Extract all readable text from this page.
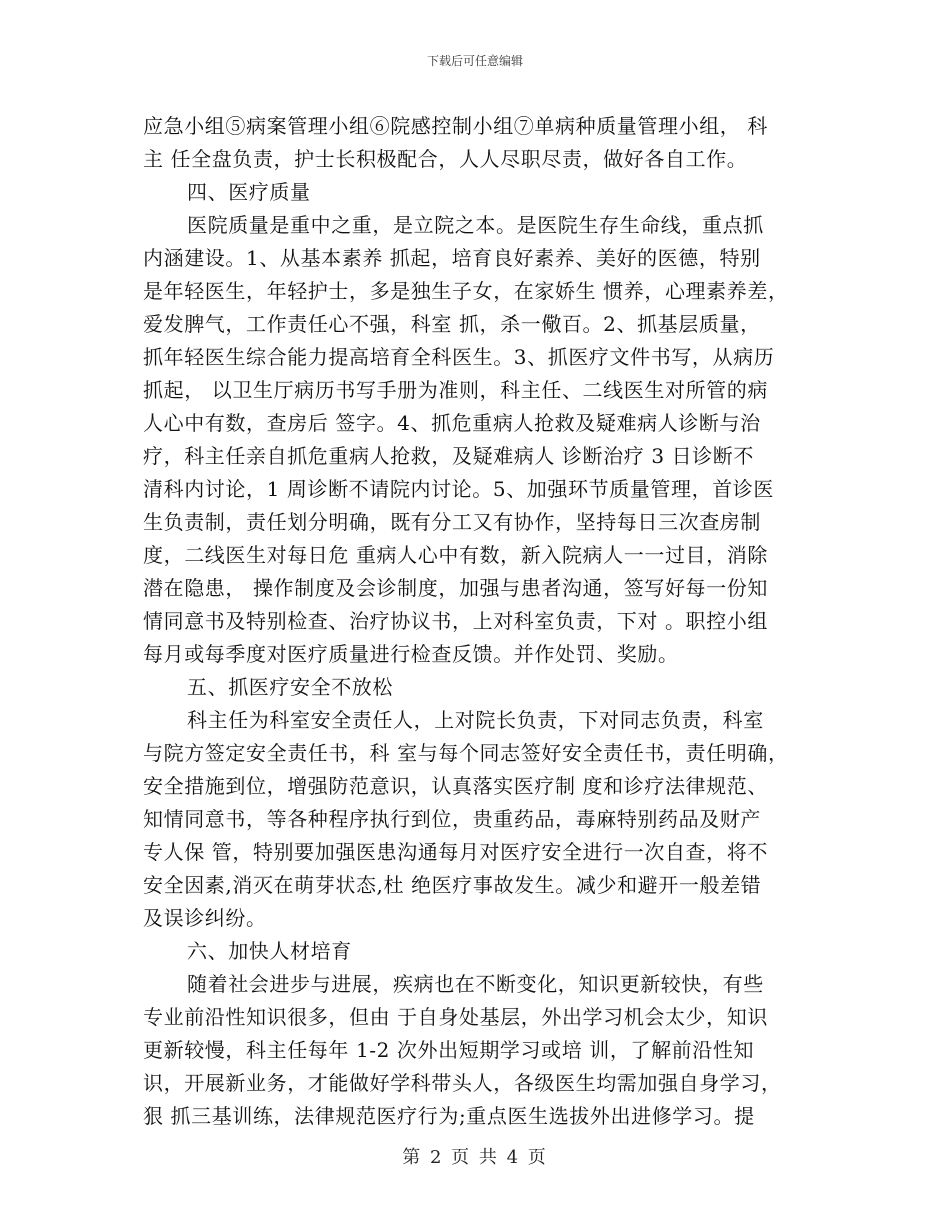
下载后可任意编辑
应急小组⑤病案管理小组⑥院感控制小组⑦单病种质量管理小组， 科
主 任全盘负责，护士长积极配合，人人尽职尽责，做好各自工作。
四、医疗质量
医院质量是重中之重，是立院之本。是医院生存生命线，重点抓
内涵建设。1、从基本素养 抓起，培育良好素养、美好的医德，特别
是年轻医生，年轻护士，多是独生子女，在家娇生 惯养，心理素养差，
爱发脾气，工作责任心不强，科室 抓，杀一儆百。2、抓基层质量，
抓年轻医生综合能力提高培育全科医生。3、抓医疗文件书写，从病历
抓起， 以卫生厅病历书写手册为准则，科主任、二线医生对所管的病
人心中有数，查房后 签字。4、抓危重病人抢救及疑难病人诊断与治
疗，科主任亲自抓危重病人抢救，及疑难病人 诊断治疗 3 日诊断不
清科内讨论，1 周诊断不请院内讨论。5、加强环节质量管理，首诊医
生负责制，责任划分明确，既有分工又有协作，坚持每日三次查房制
度，二线医生对每日危 重病人心中有数，新入院病人一一过目，消除
潜在隐患， 操作制度及会诊制度，加强与患者沟通，签写好每一份知
情同意书及特别检查、治疗协议书，上对科室负责，下对 。职控小组
每月或每季度对医疗质量进行检查反馈。并作处罚、奖励。
五、抓医疗安全不放松
科主任为科室安全责任人，上对院长负责，下对同志负责，科室
与院方签定安全责任书，科 室与每个同志签好安全责任书，责任明确，
安全措施到位，增强防范意识，认真落实医疗制 度和诊疗法律规范、
知情同意书，等各种程序执行到位，贵重药品，毒麻特别药品及财产
专人保 管，特别要加强医患沟通每月对医疗安全进行一次自查，将不
安全因素,消灭在萌芽状态,杜 绝医疗事故发生。减少和避开一般差错
及误诊纠纷。
六、加快人材培育
随着社会进步与进展，疾病也在不断变化，知识更新较快，有些
专业前沿性知识很多，但由 于自身处基层，外出学习机会太少，知识
更新较慢，科主任每年 1-2 次外出短期学习或培 训，了解前沿性知
识，开展新业务，才能做好学科带头人，各级医生均需加强自身学习，
狠 抓三基训练，法律规范医疗行为;重点医生选拔外出进修学习。提
第 2 页 共 4 页
